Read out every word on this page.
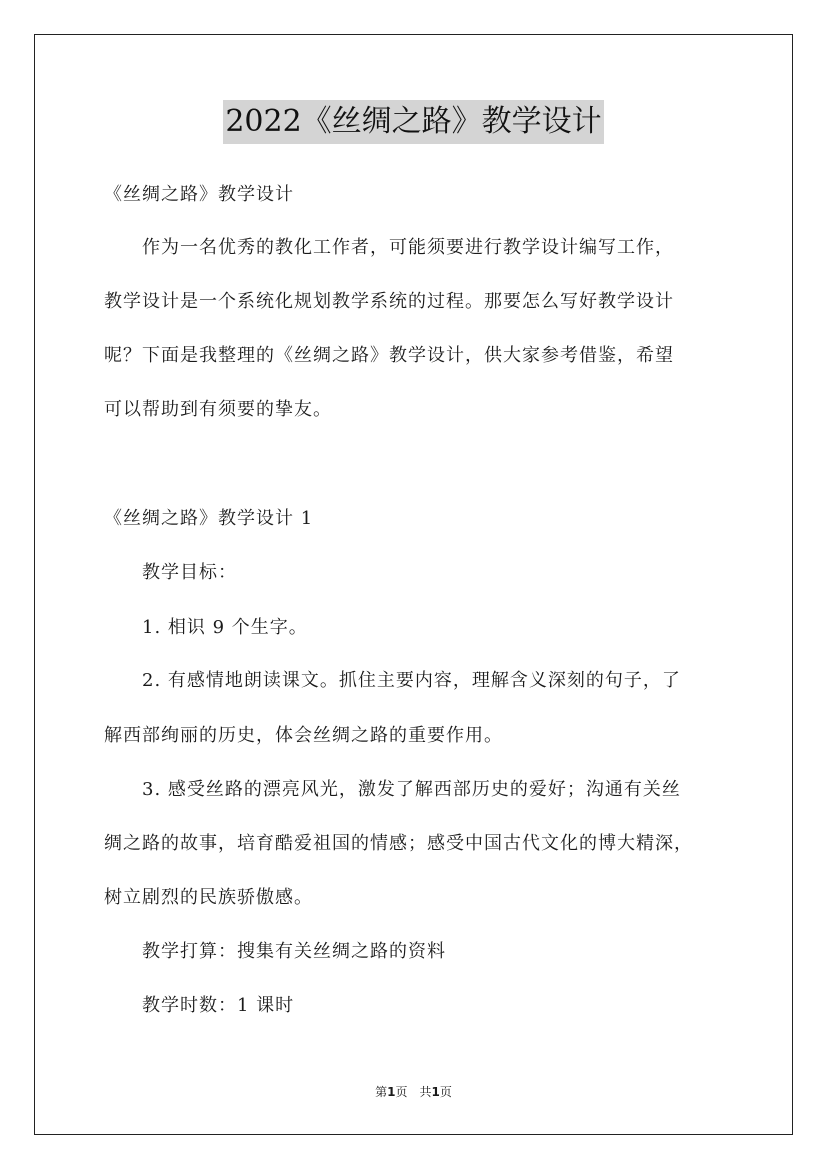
2022《丝绸之路》教学设计
《丝绸之路》教学设计
作为一名优秀的教化工作者，可能须要进行教学设计编写工作，
教学设计是一个系统化规划教学系统的过程。那要怎么写好教学设计
呢？下面是我整理的《丝绸之路》教学设计，供大家参考借鉴，希望
可以帮助到有须要的挚友。
《丝绸之路》教学设计 1
教学目标：
1. 相识 9 个生字。
2. 有感情地朗读课文。抓住主要内容，理解含义深刻的句子，了
解西部绚丽的历史，体会丝绸之路的重要作用。
3. 感受丝路的漂亮风光，激发了解西部历史的爱好；沟通有关丝
绸之路的故事，培育酷爱祖国的情感；感受中国古代文化的博大精深，
树立剧烈的民族骄傲感。
教学打算：搜集有关丝绸之路的资料
教学时数：1 课时
第1页　共1页
